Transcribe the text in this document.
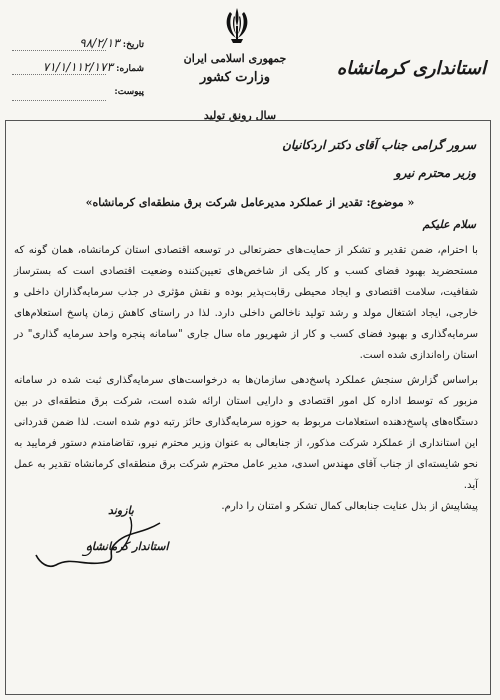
جمهوری اسلامی ایران
وزارت کشور	استانداری کرمانشاه
تاریخ: ۹۸/۲/۱۳
شماره: ۷۱/۱/۱۱۲/۱۷۳
پیوست:
سال رونق تولید
سرور گرامی جناب آقای دکتر اردکانیان
وزیر محترم نیرو
« موضوع: تقدیر از عملکرد مدیرعامل شرکت برق منطقه‌ای کرمانشاه»
سلام علیکم

با احترام، ضمن تقدیر و تشکر از حمایت‌های حضرتعالی در توسعه اقتصادی استان کرمانشاه، همان گونه که مستحضرید بهبود فضای کسب و کار یکی از شاخص‌های تعیین‌کننده وضعیت اقتصادی است که بسترساز شفافیت، سلامت اقتصادی و ایجاد محیطی رقابت‌پذیر بوده و نقش مؤثری در جذب سرمایه‌گذاران داخلی و خارجی، ایجاد اشتغال مولد و رشد تولید ناخالص داخلی دارد. لذا در راستای کاهش زمان پاسخ استعلام‌های سرمایه‌گذاری و بهبود فضای کسب و کار از شهریور ماه سال جاری "سامانه پنجره واحد سرمایه گذاری" در استان راه‌اندازی شده است.

براساس گزارش سنجش عملکرد پاسخ‌دهی سازمان‌ها به درخواست‌های سرمایه‌گذاری ثبت شده در سامانه مزبور که توسط اداره کل امور اقتصادی و دارایی استان ارائه شده است، شرکت برق منطقه‌ای در بین دستگاه‌های پاسخ‌دهنده استعلامات مربوط به حوزه سرمایه‌گذاری حائز رتبه دوم شده است. لذا ضمن قدردانی این استانداری از عملکرد شرکت مذکور، از جنابعالی به عنوان وزیر محترم نیرو، تقاضامندم دستور فرمایید به نحو شایسته‌ای از جناب آقای مهندس اسدی، مدیر عامل محترم شرکت برق منطقه‌ای کرمانشاه تقدیر به عمل آید.

پیشاپیش از بذل عنایت جنابعالی کمال تشکر و امتنان را دارم.

بازوند
استاندار کرمانشاه
